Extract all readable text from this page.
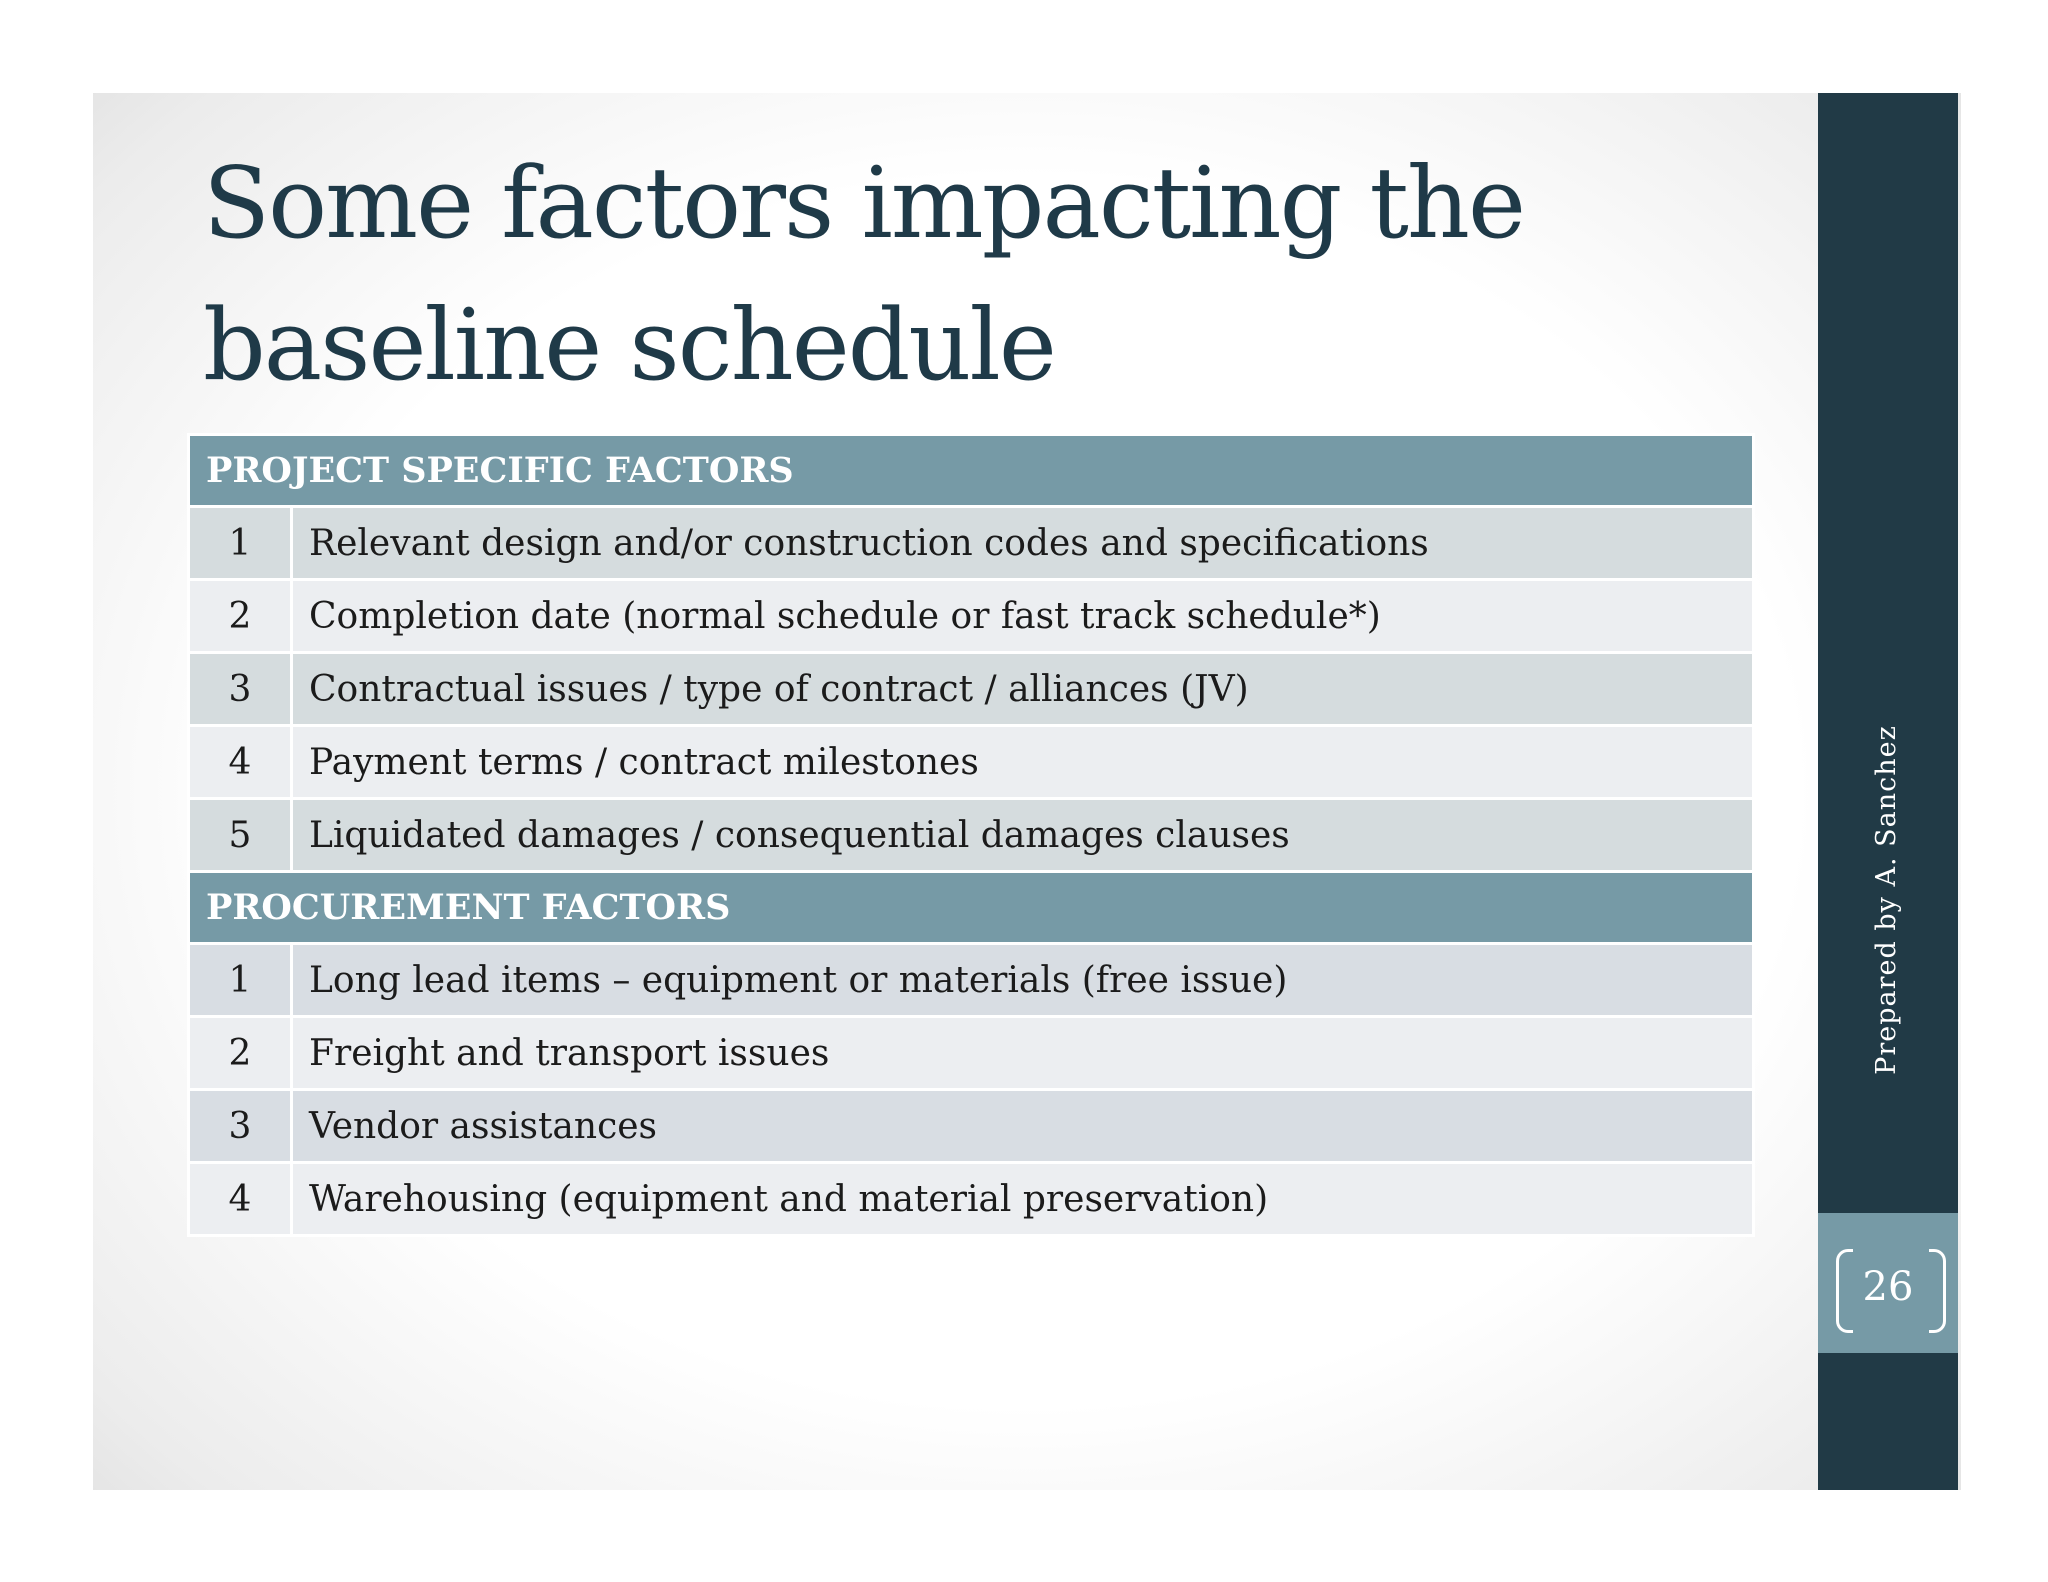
Some factors impacting the
baseline schedule
PROJECT SPECIFIC FACTORS	
1	Relevant design and/or construction codes and specifications
2	Completion date (normal schedule or fast track schedule*)
3	Contractual issues / type of contract / alliances (JV)
4	Payment terms / contract milestones
5	Liquidated damages / consequential damages clauses
PROCUREMENT FACTORS	
1	Long lead items – equipment or materials (free issue)
2	Freight and transport issues
3	Vendor assistances
4	Warehousing (equipment and material preservation)
26
Prepared by A. Sanchez
